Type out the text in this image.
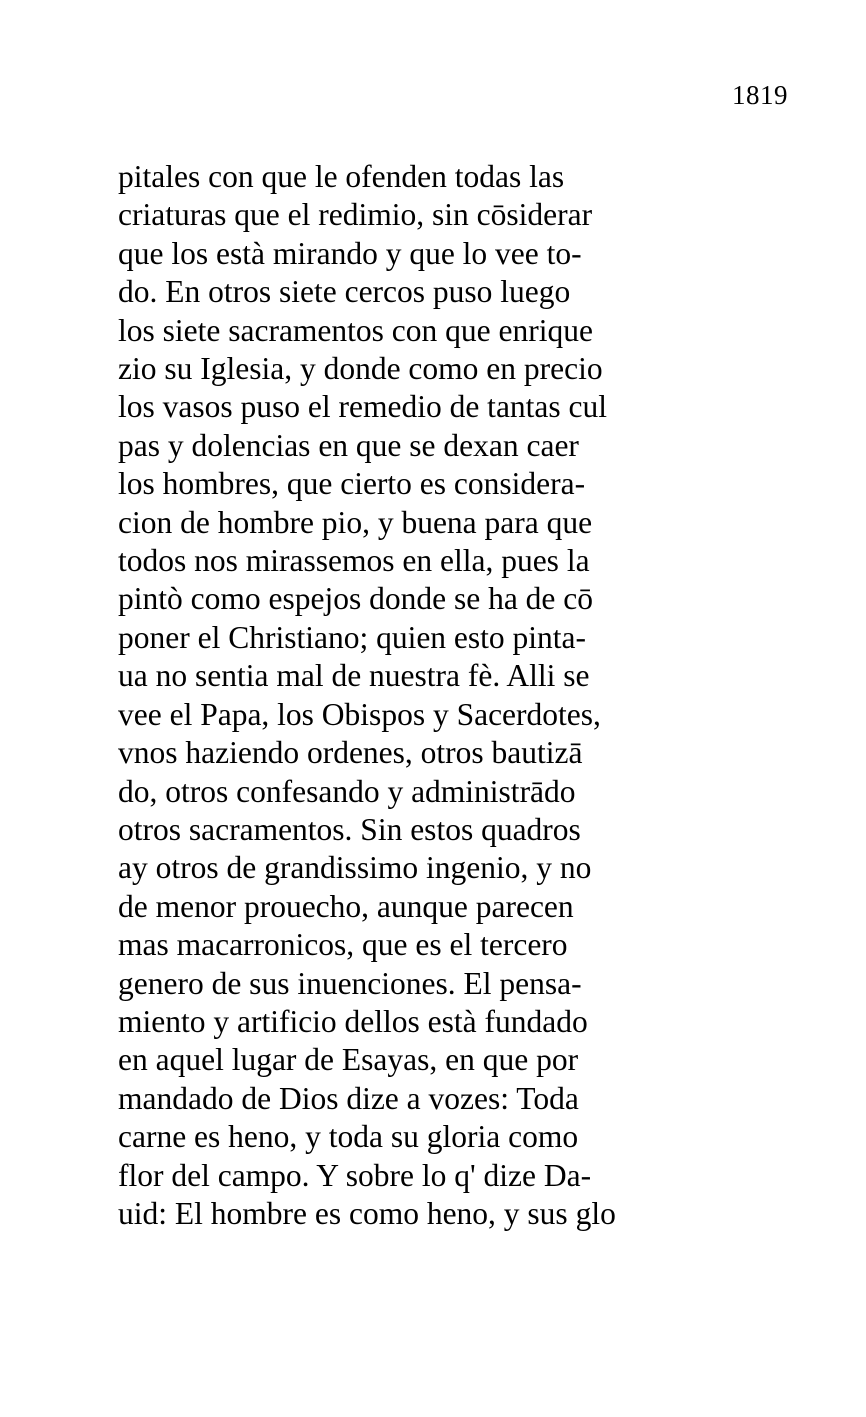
1819
pitales con que le ofenden todas las
criaturas que el redimio, sin cōsiderar
que los està mirando y que lo vee to-
do. En otros siete cercos puso luego
los siete sacramentos con que enrique
zio su Iglesia, y donde como en precio
los vasos puso el remedio de tantas cul
pas y dolencias en que se dexan caer
los hombres, que cierto es considera-
cion de hombre pio, y buena para que
todos nos mirassemos en ella, pues la
pintò como espejos donde se ha de cō
poner el Christiano; quien esto pinta-
ua no sentia mal de nuestra fè. Alli se
vee el Papa, los Obispos y Sacerdotes,
vnos haziendo ordenes, otros bautizā
do, otros confesando y administrādo
otros sacramentos. Sin estos quadros
ay otros de grandissimo ingenio, y no
de menor prouecho, aunque parecen
mas macarronicos, que es el tercero
genero de sus inuenciones. El pensa-
miento y artificio dellos està fundado
en aquel lugar de Esayas, en que por
mandado de Dios dize a vozes: Toda
carne es heno, y toda su gloria como
flor del campo. Y sobre lo q' dize Da-
uid: El hombre es como heno, y sus glo
